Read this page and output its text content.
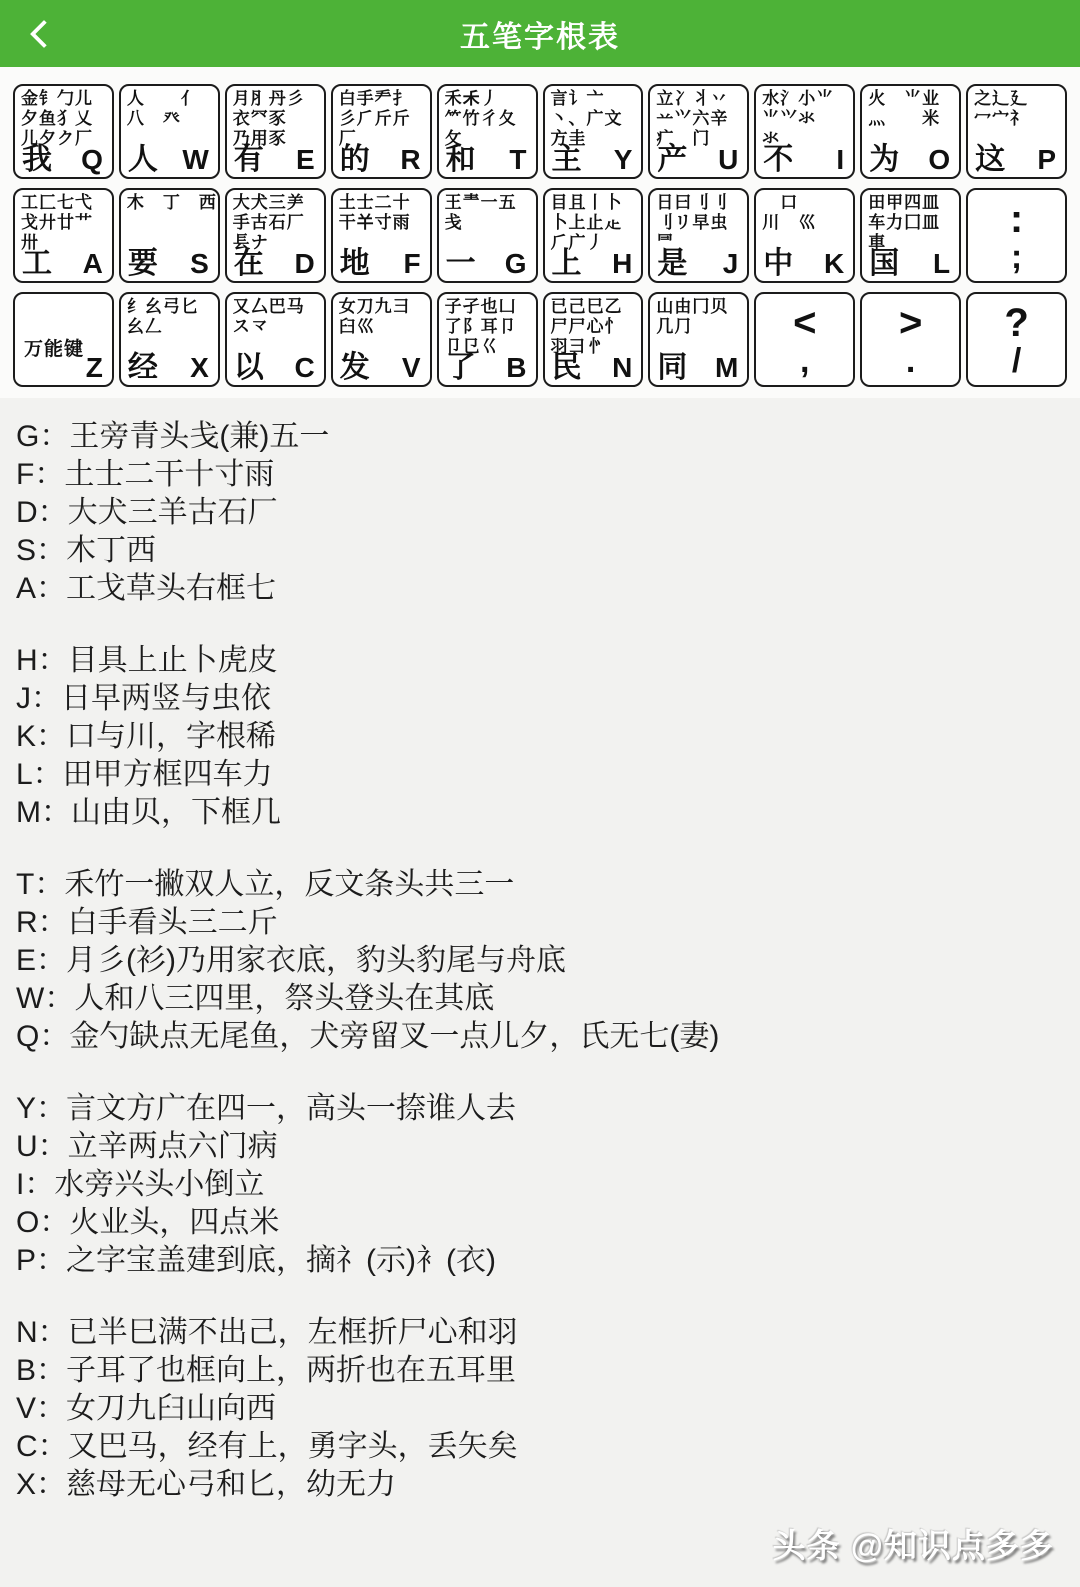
五笔字根表
金钅勹儿
夕鱼犭乂
儿夕ク厂
我 Q
人　　亻
八　癶
人 W
月⺼丹彡
衣⺳豕
乃用豕
有 E
白手龵扌
彡⺁斤斤
厂
的 R
禾𥝌丿
⺮竹彳夂
攵
和 T
言讠亠
丶、广文
方圭
主 Y
立冫丬丷
䒑⺍六辛
疒　门
产 U
水氵小⺌
⺌⺍氺
氺
不 I
火　⺌业
灬　　米
为 O
之辶廴
冖宀礻
这 P
工匚七弋
戈廾廿艹
卅
工 A
木　丁　西
要 S
大犬三⺶
手古石厂
镸ナ
在 D
土士二十
干𢆉寸雨
地 F
王龶一五
戋
一 G
目且丨卜
卜上止龰
⺁广丿
上 H
日曰刂刂
刂リ早虫
⺜
是 J
　口
川　巛
中 K
田甲四皿
车力囗皿
車
国 L
:
;
万能键
Z
纟幺弓匕
幺𠃋
经 X
又厶巴马
ス龴
以 C
女刀九彐
臼巛
发 V
子孑也凵
了阝耳卩
卩㔾巜
了 B
已己巳乙
尸尸心忄
羽⺕㣺
民 N
山由冂贝
几⺆
同 M
<
,
>
.
?
/
G：王旁青头戋(兼)五一
F：土士二干十寸雨
D：大犬三羊古石厂
S：木丁西
A：工戈草头右框七
H：目具上止卜虎皮
J：日早两竖与虫依
K：口与川，字根稀
L：田甲方框四车力
M：山由贝，下框几
T：禾竹一撇双人立，反文条头共三一
R：白手看头三二斤
E：月彡(衫)乃用家衣底，豹头豹尾与舟底
W：人和八三四里，祭头登头在其底
Q：金勺缺点无尾鱼，犬旁留叉一点儿夕，氏无七(妻)
Y：言文方广在四一，高头一捺谁人去
U：立辛两点六门病
I：水旁兴头小倒立
O：火业头，四点米
P：之字宝盖建到底，摘礻(示)衤(衣)
N：已半巳满不出己，左框折尸心和羽
B：子耳了也框向上，两折也在五耳里
V：女刀九臼山向西
C：又巴马，经有上，勇字头，丢矢矣
X：慈母无心弓和匕，幼无力
头条 @知识点多多
